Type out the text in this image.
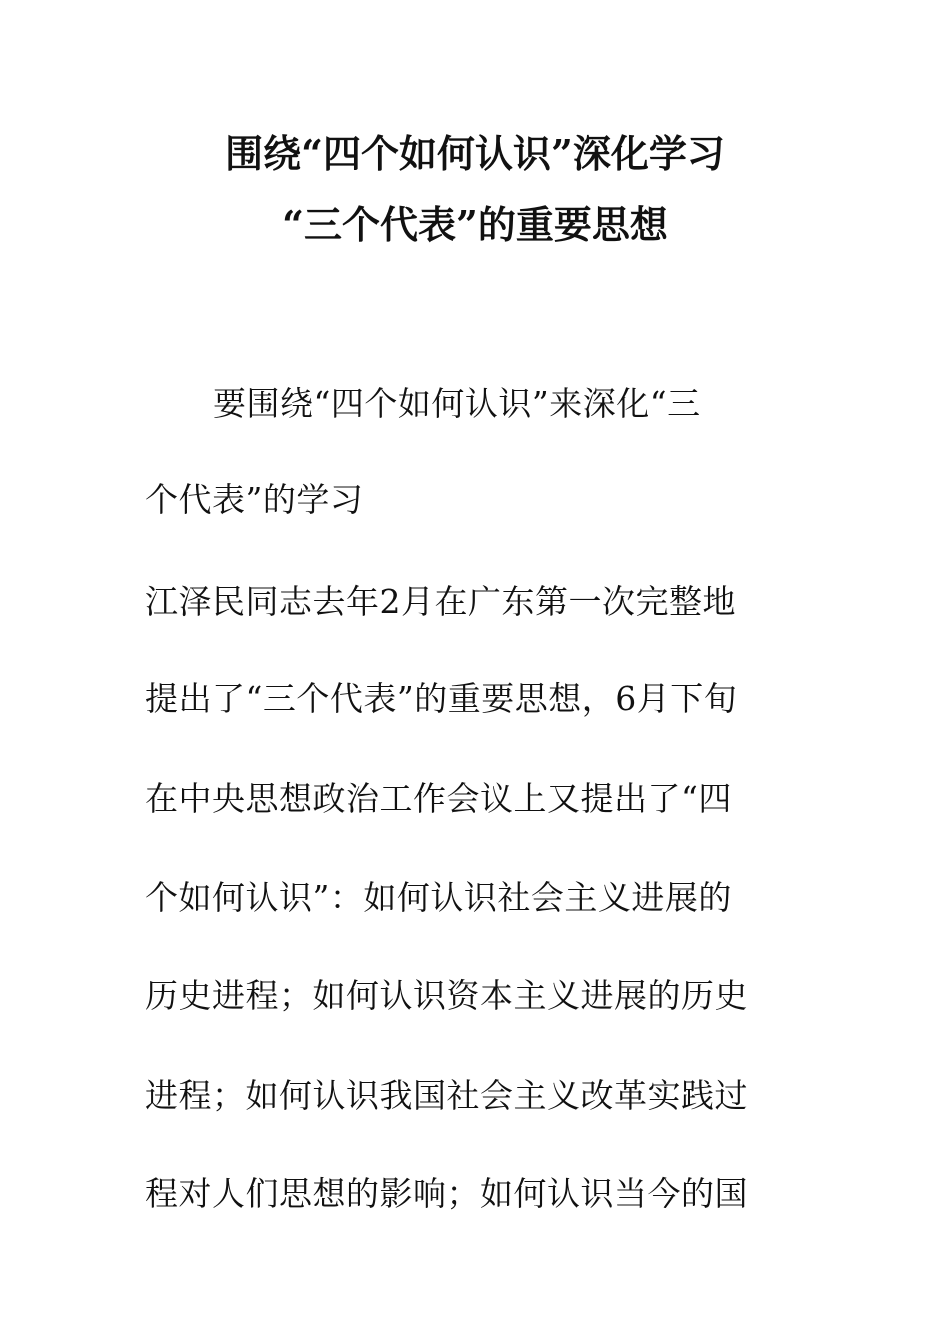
围绕“四个如何认识”深化学习
“三个代表”的重要思想
要围绕“四个如何认识”来深化“三
个代表”的学习
江泽民同志去年2月在广东第一次完整地
提出了“三个代表”的重要思想，6月下旬
在中央思想政治工作会议上又提出了“四
个如何认识”：如何认识社会主义进展的
历史进程；如何认识资本主义进展的历史
进程；如何认识我国社会主义改革实践过
程对人们思想的影响；如何认识当今的国
